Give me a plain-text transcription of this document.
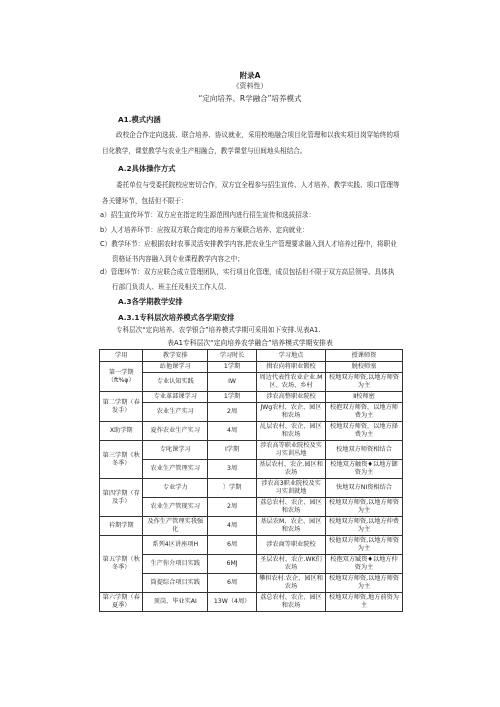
附录A
《资料性）
“定向培养、R学融合”培养模式
A1.模式内涵
政校企合作定向选拔、联合培养、协议就业，采用校地融合项目化管理和以我实项目岗穿始终的项目化教学，课堂教学与农业生产相融合，教学课堂与田间地头相结合。
A.2具体操作方式
委托单位与受委托院校应密切合作，双方宜全程参与招生宣传、人才培养、教学实践、项口管理等各关键环节，包括但不限于：
a）招生宣传环节：双方应在指定的生源范围内进行招生宣传和选拔招录：
b）人才培养环节：应按双方联合商定的培养方案联合培养、定向就业：
C）教学环节：应根据农时农事灵活安排教学内容,把农业生产管理要求融入到人才培养过程中，将职业
资格证书内容融入到专业课程教学内容之中；
d）管理环节：双方应联合成立管理团队，实行项目化管理，成员包括但不限于双方高层领导、具体执
行部门负责人、班主任及相关工作人员.
A.3各学期教学安排
A.3.1专科层次培养模式各学期安排
专科层次“定向培养、农学银合”培养模式学期可采用如下安排.见表A1.
表A1专科层次“定向培养农学融合”培养模式学期安排表
学用	教学安排	学习时长	学习地点	授课师资
第一学期（ft%φ）	站他课学习	1学期	揖农向将职业锻校	脱校师塞
	专业认知实践	IW	周边代表性农业企业.M区、农场、乡村	校地双方师资,以地方师资为主
第二学期（春发手）	专业革部课学习	1学期	涉农高整职业院校	Ⅱ校师密
	农业生产实习	2周	JWg农村、农企、园区和农场	校抱双方师资，以地方师费为主
X助学期	夏作农业生产实习	4周	乩层农村、农企、园区和农场	校地双方师资，以地方择费为主
第三学期《秋冬季）	专叱课学习	I学期	涉农高等职业院校及实习实训丛地	校地双方师资相结合
	农业生产管理实习	3周	基层农村、农企.园区和农场	校地双方触资♦以地方御资为主
第四学期（存及手）	专业学力	〕学期	涉农高3职业院校及实习实训就地	快地双方NI资相结合
	农业生产管现实习	2周	荔总农村、农企、园区和农场	校地双方师资,以地方师资为主
衿期学期	及作生产管理实我强化	4周	基层农M、农企、园区和农场	校地双方师资,以地方仲费为主
第五学期（秋冬季）	系列4区讲座项H	6周	涉农商等职业院校	校他双方师资,以地方师资为主
	生产你介项目实践	6MJ	圣层农村、农企.WK们农场	校抱双方臧资♦以地方仲资为主
	筒提综合项目实践	6周	攀担农村.农企、园区和农场	校地双方师资,以地方师资为主
第六学期（春夏季）	顶岗、毕业实AI	13W（4周）	荔总农村、农企、园区和农场	校地双方师资,地方前资为主
